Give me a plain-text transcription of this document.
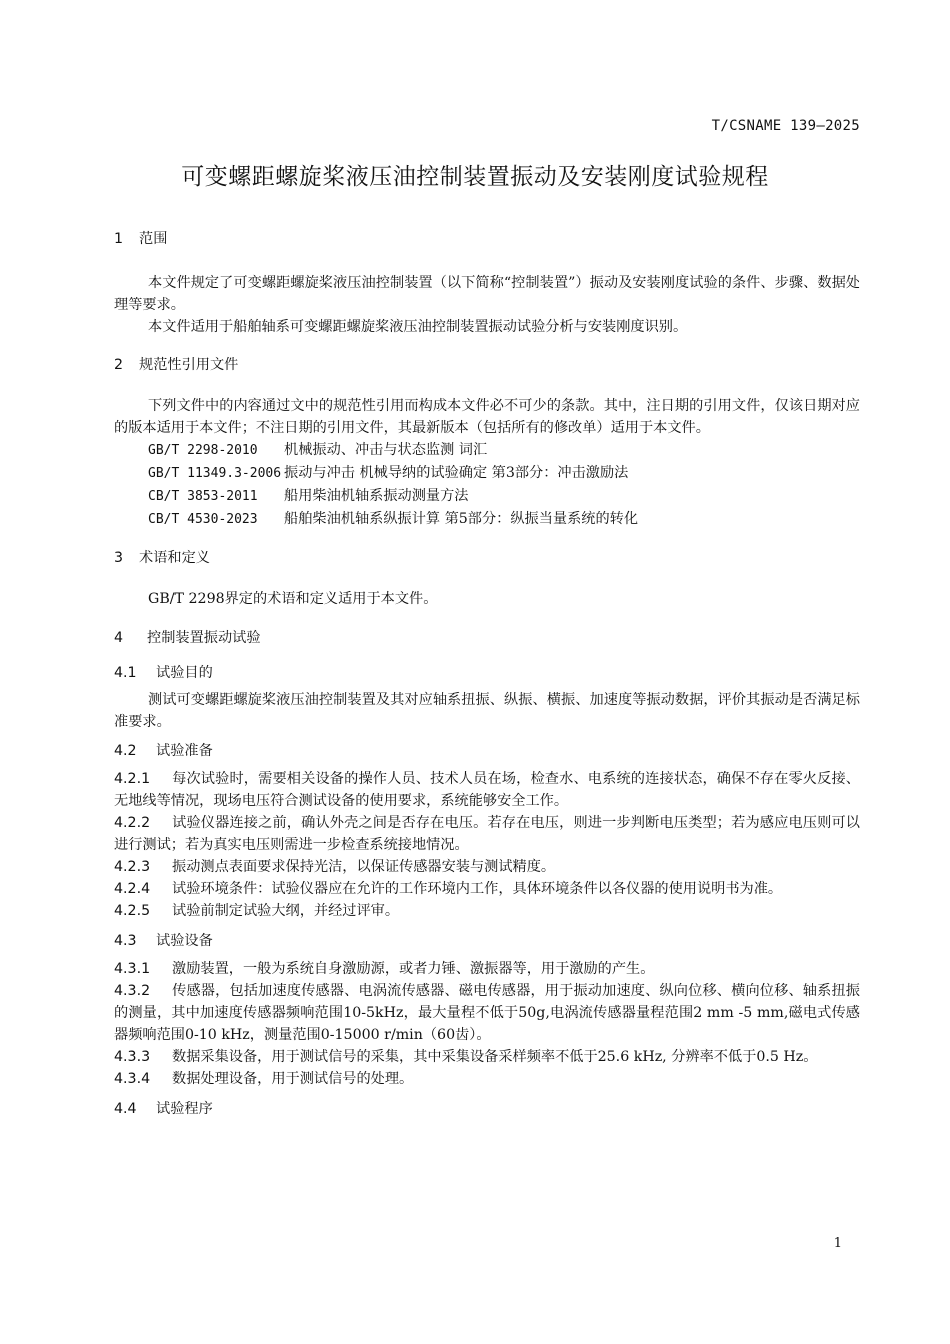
T/CSNAME 139—2025
可变螺距螺旋桨液压油控制装置振动及安装刚度试验规程
1 范围

本文件规定了可变螺距螺旋桨液压油控制装置（以下简称“控制装置”）振动及安装刚度试验的条件、步骤、数据处理等要求。

本文件适用于船舶轴系可变螺距螺旋桨液压油控制装置振动试验分析与安装刚度识别。

2 规范性引用文件

下列文件中的内容通过文中的规范性引用而构成本文件必不可少的条款。其中，注日期的引用文件，仅该日期对应的版本适用于本文件；不注日期的引用文件，其最新版本（包括所有的修改单）适用于本文件。

GB/T 2298-2010 机械振动、冲击与状态监测 词汇

GB/T 11349.3-2006 振动与冲击 机械导纳的试验确定 第3部分：冲击激励法

CB/T 3853-2011 船用柴油机轴系振动测量方法

CB/T 4530-2023 船舶柴油机轴系纵振计算 第5部分：纵振当量系统的转化

3 术语和定义

GB/T 2298界定的术语和定义适用于本文件。

4 控制装置振动试验
4.1 试验目的

测试可变螺距螺旋桨液压油控制装置及其对应轴系扭振、纵振、横振、加速度等振动数据，评价其振动是否满足标准要求。

4.2 试验准备

4.2.1 每次试验时，需要相关设备的操作人员、技术人员在场，检查水、电系统的连接状态，确保不存在零火反接、无地线等情况，现场电压符合测试设备的使用要求，系统能够安全工作。

4.2.2 试验仪器连接之前，确认外壳之间是否存在电压。若存在电压，则进一步判断电压类型；若为感应电压则可以进行测试；若为真实电压则需进一步检查系统接地情况。

4.2.3 振动测点表面要求保持光洁，以保证传感器安装与测试精度。

4.2.4 试验环境条件：试验仪器应在允许的工作环境内工作，具体环境条件以各仪器的使用说明书为准。

4.2.5 试验前制定试验大纲，并经过评审。

4.3 试验设备

4.3.1 激励装置，一般为系统自身激励源，或者力锤、激振器等，用于激励的产生。

4.3.2 传感器，包括加速度传感器、电涡流传感器、磁电传感器，用于振动加速度、纵向位移、横向位移、轴系扭振的测量，其中加速度传感器频响范围10-5kHz，最大量程不低于50g,电涡流传感器量程范围2 mm -5 mm,磁电式传感器频响范围0-10 kHz，测量范围0-15000 r/min（60齿）。

4.3.3 数据采集设备，用于测试信号的采集，其中采集设备采样频率不低于25.6 kHz, 分辨率不低于0.5 Hz。

4.3.4 数据处理设备，用于测试信号的处理。

4.4 试验程序
1
